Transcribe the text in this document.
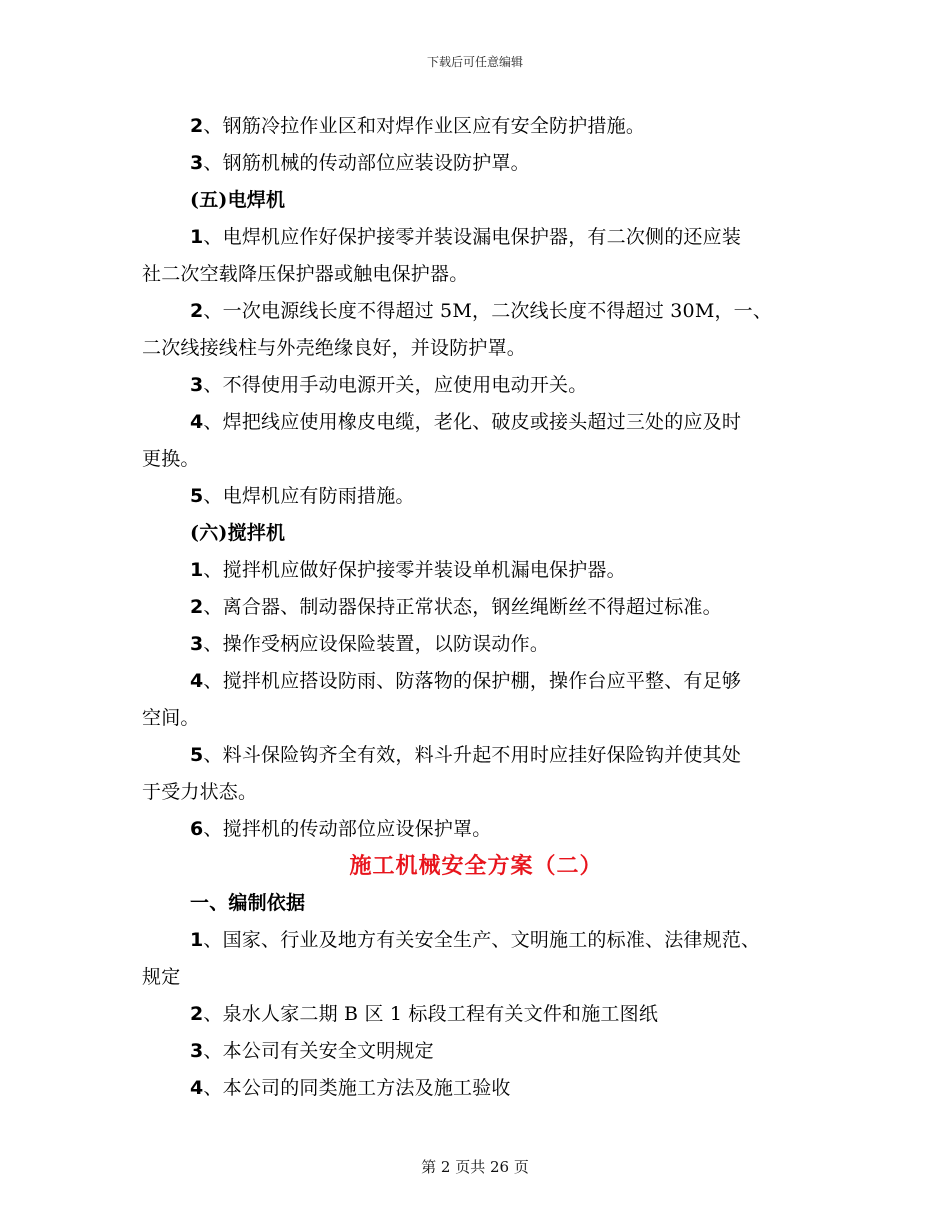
下载后可任意编辑
2、钢筋冷拉作业区和对焊作业区应有安全防护措施。
3、钢筋机械的传动部位应装设防护罩。
(五)电焊机
1、电焊机应作好保护接零并装设漏电保护器，有二次侧的还应装
社二次空载降压保护器或触电保护器。
2、一次电源线长度不得超过 5M，二次线长度不得超过 30M，一、
二次线接线柱与外壳绝缘良好，并设防护罩。
3、不得使用手动电源开关，应使用电动开关。
4、焊把线应使用橡皮电缆，老化、破皮或接头超过三处的应及时
更换。
5、电焊机应有防雨措施。
(六)搅拌机
1、搅拌机应做好保护接零并装设单机漏电保护器。
2、离合器、制动器保持正常状态，钢丝绳断丝不得超过标准。
3、操作受柄应设保险装置，以防误动作。
4、搅拌机应搭设防雨、防落物的保护棚，操作台应平整、有足够
空间。
5、料斗保险钩齐全有效，料斗升起不用时应挂好保险钩并使其处
于受力状态。
6、搅拌机的传动部位应设保护罩。
施工机械安全方案（二）
一、编制依据
1、国家、行业及地方有关安全生产、文明施工的标准、法律规范、
规定
2、泉水人家二期 B 区 1 标段工程有关文件和施工图纸
3、本公司有关安全文明规定
4、本公司的同类施工方法及施工验收
第 2 页共 26 页
